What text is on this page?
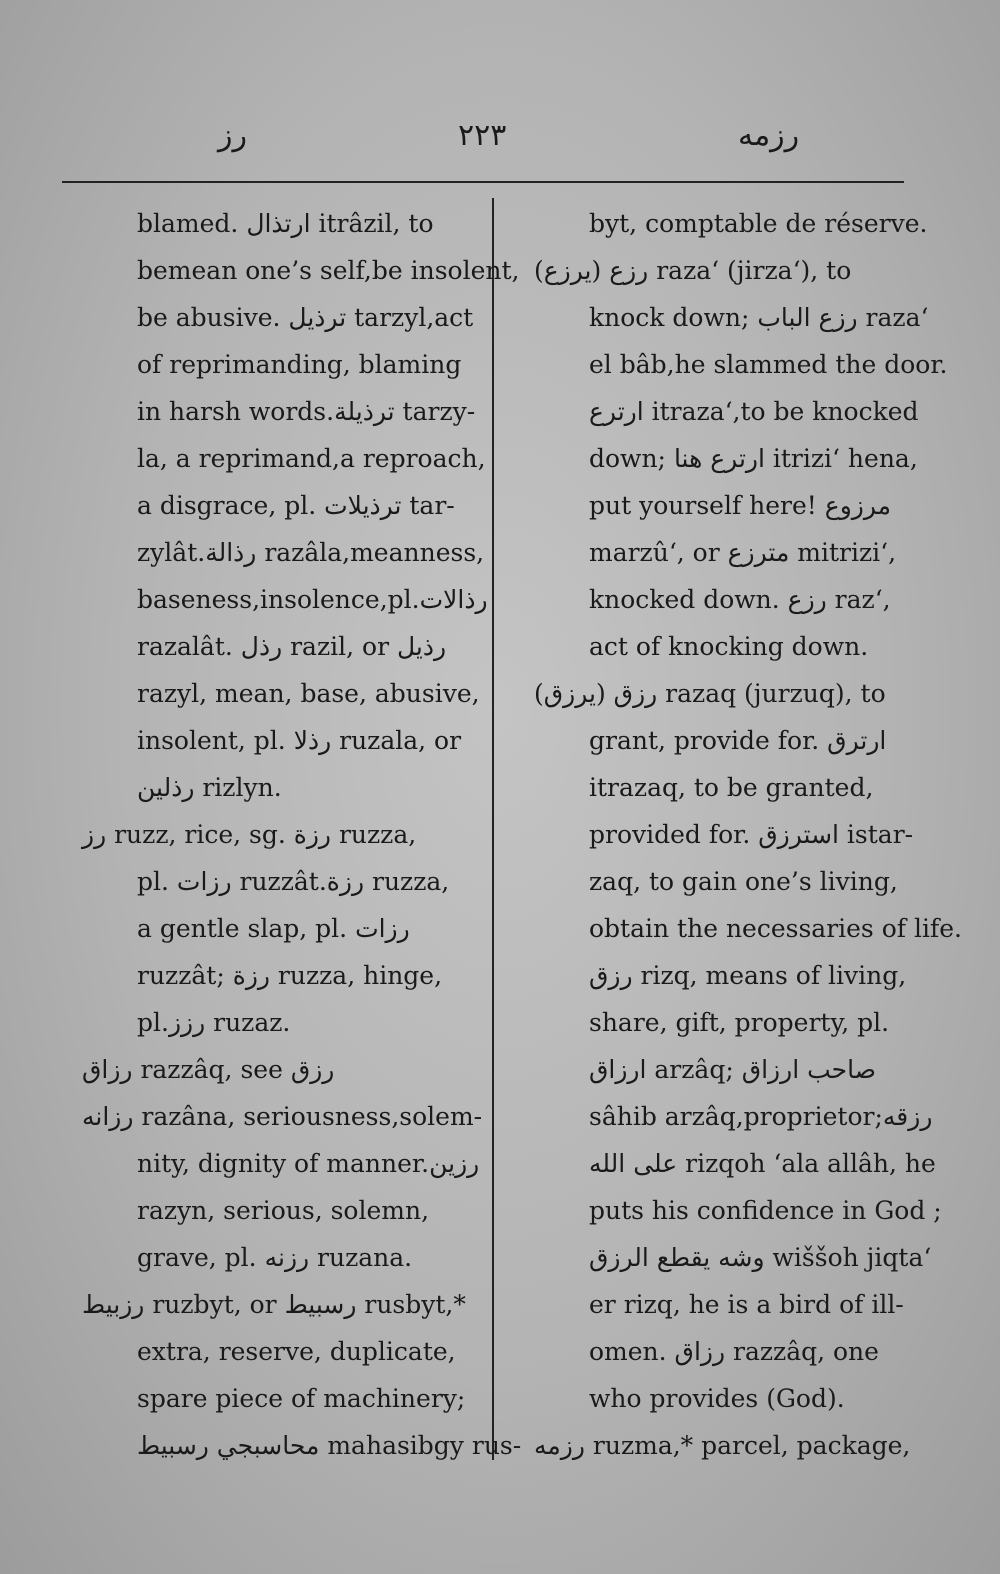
رز	۲۲۳	رزمه
blamed. ارتذال itrâzil, to
bemean one’s self,be insolent,
be abusive. ترذيل tarzyl,act
of reprimanding, blaming
in harsh words.ترذيلة tarzy-
la, a reprimand,a reproach,
a disgrace, pl. ترذيلات tar-
zylât.رذالة razâla,meanness,
baseness,insolence,pl.رذالات
razalât. رذل razil, or رذيل
razyl, mean, base, abusive,
insolent, pl. رذلا ruzala, or
رذلين rizlyn.
رز ruzz, rice, sg. رزة ruzza,
pl. رزات ruzzât.رزة ruzza,
a gentle slap, pl. رزات
ruzzât; رزة ruzza, hinge,
pl.رزز ruzaz.
رزاق razzâq, see رزق
رزانه razâna, seriousness,solem-
nity, dignity of manner.رزين
razyn, serious, solemn,
grave, pl. رزنه ruzana.
رزبيط ruzbyt, or رسبيط rusbyt,*
extra, reserve, duplicate,
spare piece of machinery;
محاسبجي رسبيط mahasibgy rus-
byt, comptable de réserve.
رزع (يرزع) raza‘ (jirza‘), to
knock down; رزع الباب raza‘
el bâb,he slammed the door.
ارترع itraza‘,to be knocked
down; ارترع هنا itrizi‘ hena,
put yourself here! مرزوع
marzû‘, or مترزع mitrizi‘,
knocked down. رزع raz‘,
act of knocking down.
رزق (يرزق) razaq (jurzuq), to
grant, provide for. ارترق
itrazaq, to be granted,
provided for. استرزق istar-
zaq, to gain one’s living,
obtain the necessaries of life.
رزق rizq, means of living,
share, gift, property, pl.
ارزاق arzâq; صاحب ارزاق
sâhib arzâq,proprietor;رزقه
على الله rizqoh ‘ala allâh, he
puts his confidence in God ;
وشه يقطع الرزق wiššoh jiqta‘
er rizq, he is a bird of ill-
omen. رزاق razzâq, one
who provides (God).
رزمه ruzma,* parcel, package,
